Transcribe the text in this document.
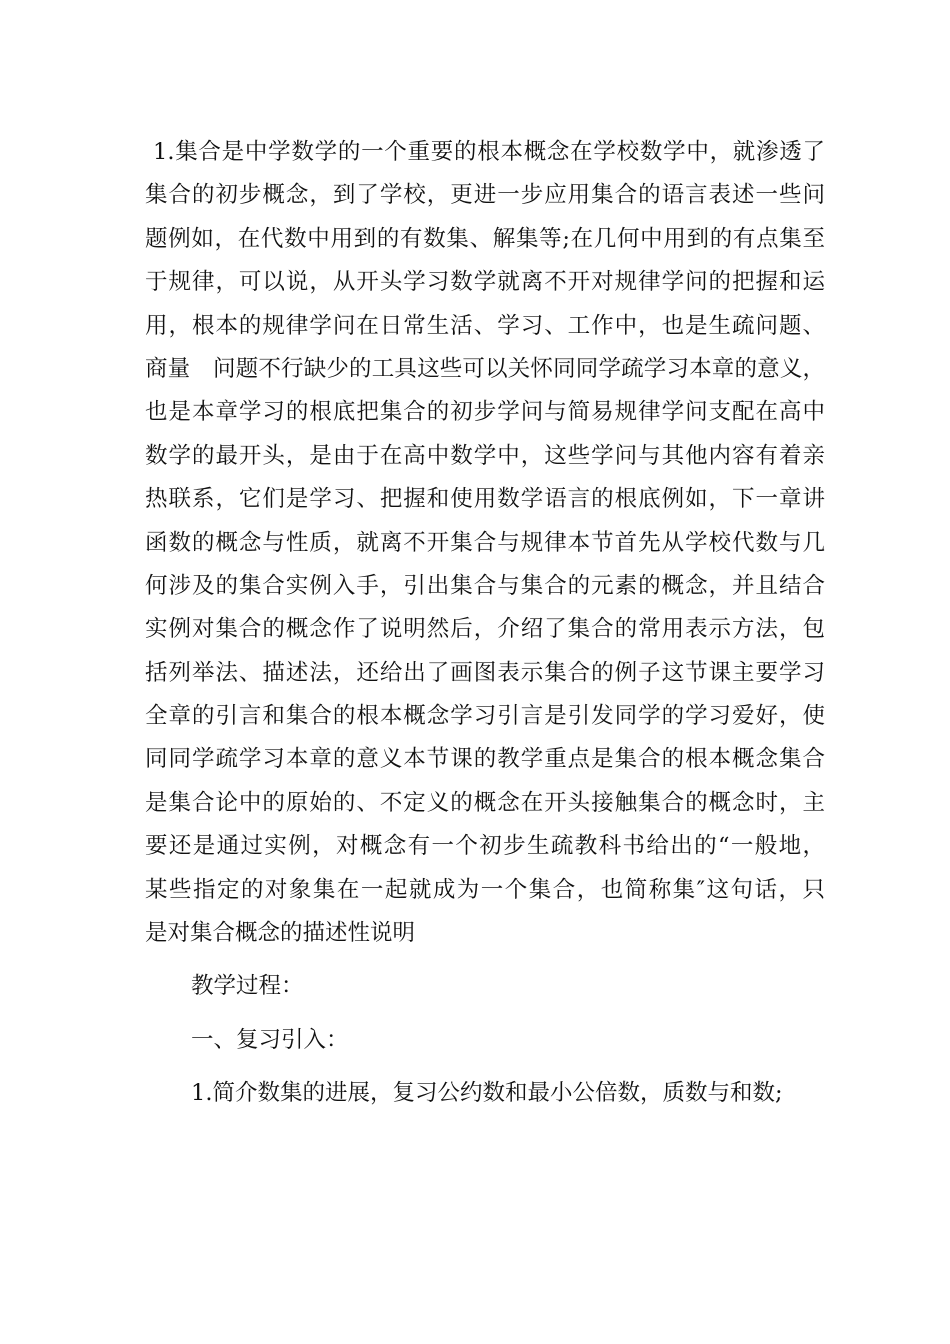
1.集合是中学数学的一个重要的根本概念在学校数学中，就渗透了
集合的初步概念，到了学校，更进一步应用集合的语言表述一些问
题例如，在代数中用到的有数集、解集等;在几何中用到的有点集至
于规律，可以说，从开头学习数学就离不开对规律学问的把握和运
用，根本的规律学问在日常生活、学习、工作中，也是生疏问题、
商量　问题不行缺少的工具这些可以关怀同同学疏学习本章的意义，
也是本章学习的根底把集合的初步学问与简易规律学问支配在高中
数学的最开头，是由于在高中数学中，这些学问与其他内容有着亲
热联系，它们是学习、把握和使用数学语言的根底例如，下一章讲
函数的概念与性质，就离不开集合与规律本节首先从学校代数与几
何涉及的集合实例入手，引出集合与集合的元素的概念，并且结合
实例对集合的概念作了说明然后，介绍了集合的常用表示方法，包
括列举法、描述法，还给出了画图表示集合的例子这节课主要学习
全章的引言和集合的根本概念学习引言是引发同学的学习爱好，使
同同学疏学习本章的意义本节课的教学重点是集合的根本概念集合
是集合论中的原始的、不定义的概念在开头接触集合的概念时，主
要还是通过实例，对概念有一个初步生疏教科书给出的“一般地，
某些指定的对象集在一起就成为一个集合，也简称集″这句话，只
是对集合概念的描述性说明
教学过程：
一、复习引入：
1.简介数集的进展，复习公约数和最小公倍数，质数与和数;
